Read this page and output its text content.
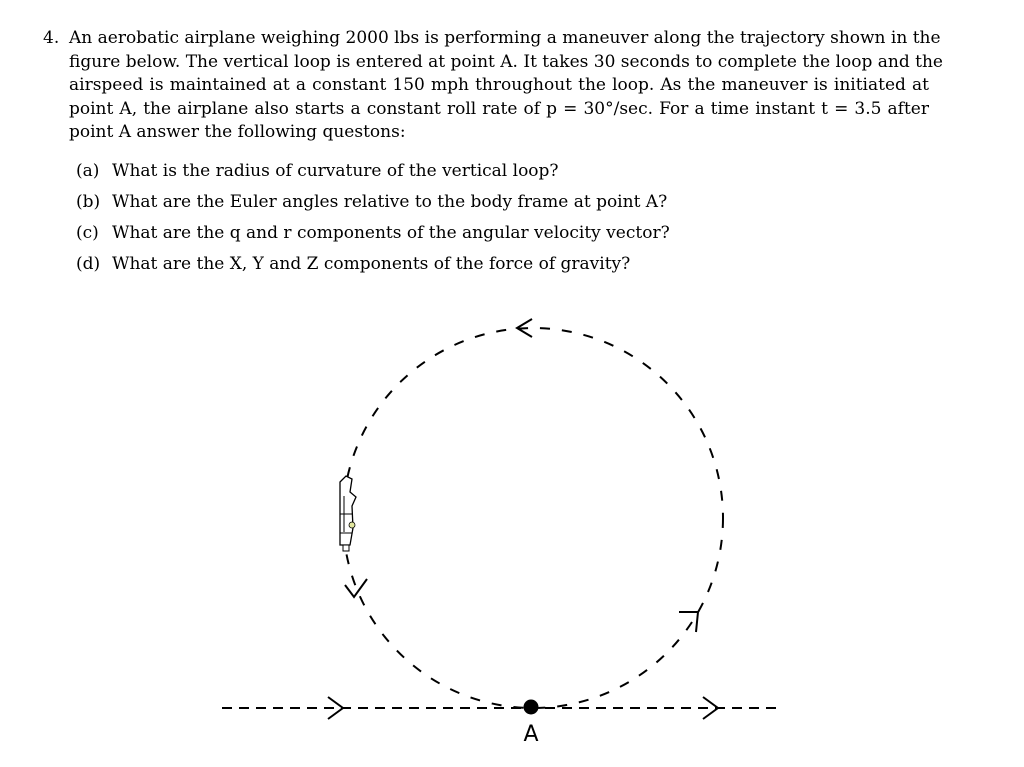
4. An aerobatic airplane weighing 2000 lbs is performing a maneuver along the trajectory shown in the
figure below. The vertical loop is entered at point A. It takes 30 seconds to complete the loop and the
airspeed is maintained at a constant 150 mph throughout the loop. As the maneuver is initiated at
point A, the airplane also starts a constant roll rate of p = 30°/sec. For a time instant t = 3.5 after
point A answer the following questons:
(a) What is the radius of curvature of the vertical loop?
(b) What are the Euler angles relative to the body frame at point A?
(c) What are the q and r components of the angular velocity vector?
(d) What are the X, Y and Z components of the force of gravity?
A
